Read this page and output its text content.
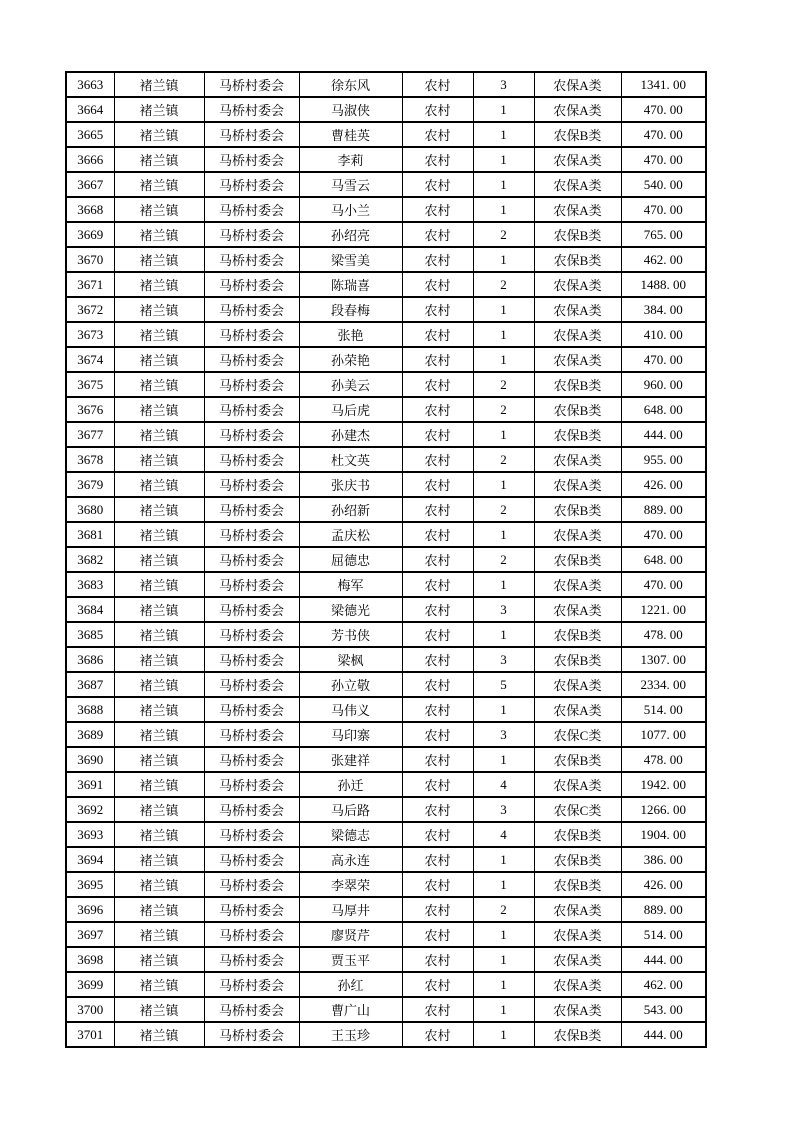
3663	褚兰镇	马桥村委会	徐东风	农村	3	农保A类	1341. 00
3664	褚兰镇	马桥村委会	马淑侠	农村	1	农保A类	470. 00
3665	褚兰镇	马桥村委会	曹桂英	农村	1	农保B类	470. 00
3666	褚兰镇	马桥村委会	李莉	农村	1	农保A类	470. 00
3667	褚兰镇	马桥村委会	马雪云	农村	1	农保A类	540. 00
3668	褚兰镇	马桥村委会	马小兰	农村	1	农保A类	470. 00
3669	褚兰镇	马桥村委会	孙绍亮	农村	2	农保B类	765. 00
3670	褚兰镇	马桥村委会	梁雪美	农村	1	农保B类	462. 00
3671	褚兰镇	马桥村委会	陈瑞喜	农村	2	农保A类	1488. 00
3672	褚兰镇	马桥村委会	段春梅	农村	1	农保A类	384. 00
3673	褚兰镇	马桥村委会	张艳	农村	1	农保A类	410. 00
3674	褚兰镇	马桥村委会	孙荣艳	农村	1	农保A类	470. 00
3675	褚兰镇	马桥村委会	孙美云	农村	2	农保B类	960. 00
3676	褚兰镇	马桥村委会	马后虎	农村	2	农保B类	648. 00
3677	褚兰镇	马桥村委会	孙建杰	农村	1	农保B类	444. 00
3678	褚兰镇	马桥村委会	杜文英	农村	2	农保A类	955. 00
3679	褚兰镇	马桥村委会	张庆书	农村	1	农保A类	426. 00
3680	褚兰镇	马桥村委会	孙绍新	农村	2	农保B类	889. 00
3681	褚兰镇	马桥村委会	孟庆松	农村	1	农保A类	470. 00
3682	褚兰镇	马桥村委会	屈德忠	农村	2	农保B类	648. 00
3683	褚兰镇	马桥村委会	梅军	农村	1	农保A类	470. 00
3684	褚兰镇	马桥村委会	梁德光	农村	3	农保A类	1221. 00
3685	褚兰镇	马桥村委会	芳书侠	农村	1	农保B类	478. 00
3686	褚兰镇	马桥村委会	梁枫	农村	3	农保B类	1307. 00
3687	褚兰镇	马桥村委会	孙立敬	农村	5	农保A类	2334. 00
3688	褚兰镇	马桥村委会	马伟义	农村	1	农保A类	514. 00
3689	褚兰镇	马桥村委会	马印寨	农村	3	农保C类	1077. 00
3690	褚兰镇	马桥村委会	张建祥	农村	1	农保B类	478. 00
3691	褚兰镇	马桥村委会	孙迁	农村	4	农保A类	1942. 00
3692	褚兰镇	马桥村委会	马后路	农村	3	农保C类	1266. 00
3693	褚兰镇	马桥村委会	梁德志	农村	4	农保B类	1904. 00
3694	褚兰镇	马桥村委会	高永连	农村	1	农保B类	386. 00
3695	褚兰镇	马桥村委会	李翠荣	农村	1	农保B类	426. 00
3696	褚兰镇	马桥村委会	马厚井	农村	2	农保A类	889. 00
3697	褚兰镇	马桥村委会	廖贤芹	农村	1	农保A类	514. 00
3698	褚兰镇	马桥村委会	贾玉平	农村	1	农保A类	444. 00
3699	褚兰镇	马桥村委会	孙红	农村	1	农保A类	462. 00
3700	褚兰镇	马桥村委会	曹广山	农村	1	农保A类	543. 00
3701	褚兰镇	马桥村委会	王玉珍	农村	1	农保B类	444. 00
